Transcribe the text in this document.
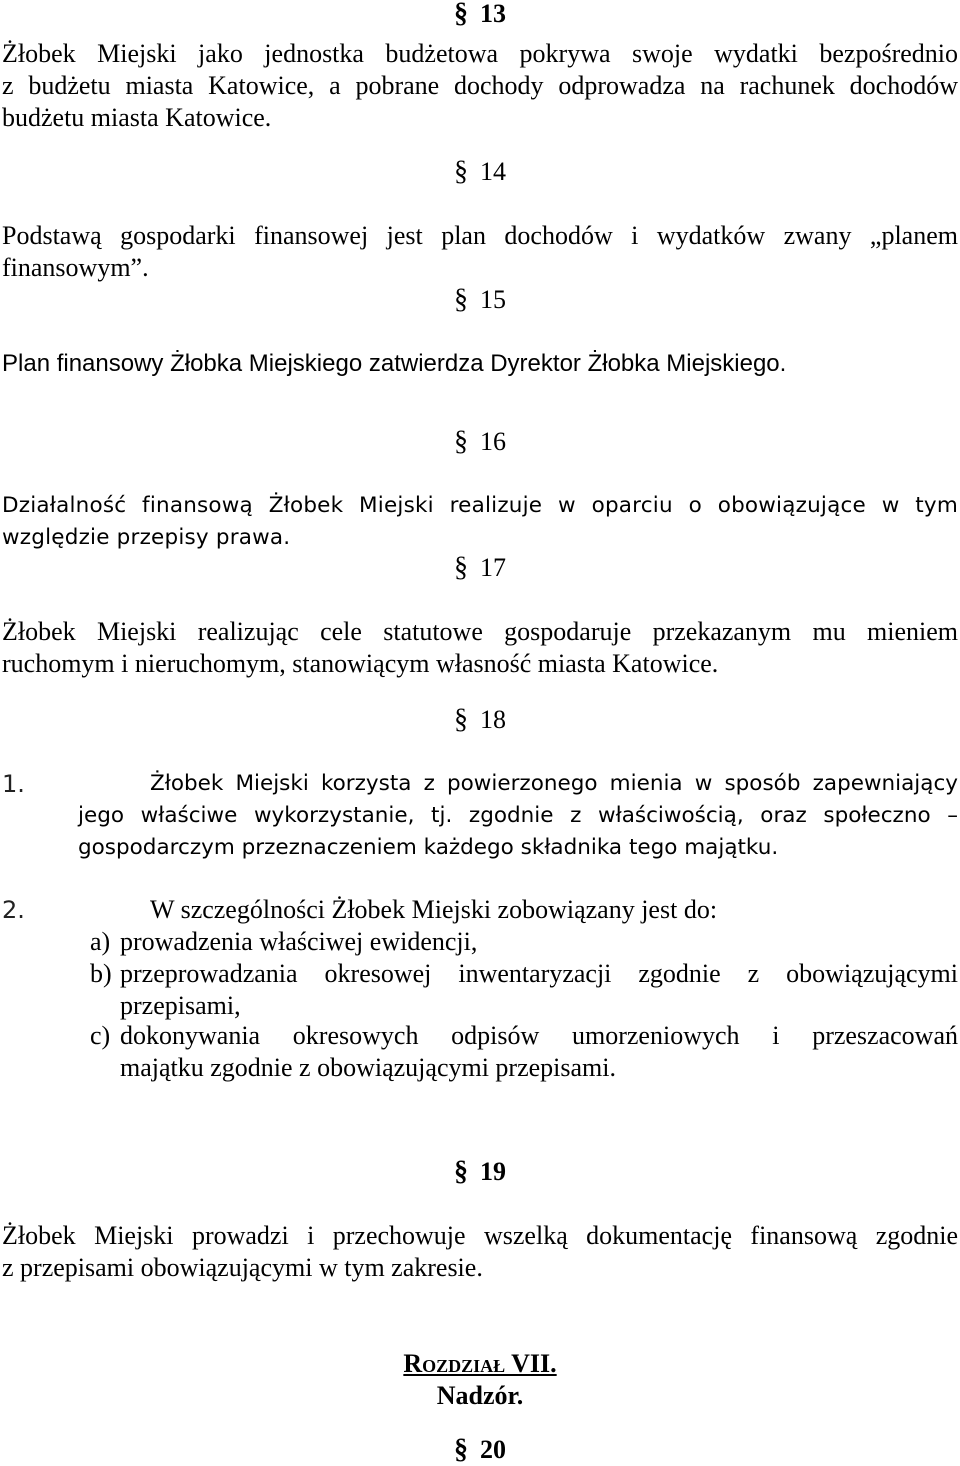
§ 13
Żłobek Miejski jako jednostka budżetowa pokrywa swoje wydatki bezpośrednio
z budżetu miasta Katowice, a pobrane dochody odprowadza na rachunek dochodów
budżetu miasta Katowice.
§ 14
Podstawą gospodarki finansowej jest plan dochodów i wydatków zwany „planem
finansowym”.
§ 15
Plan finansowy Żłobka Miejskiego zatwierdza Dyrektor Żłobka Miejskiego.
§ 16
Działalność finansową Żłobek Miejski realizuje w oparciu o obowiązujące w tym
względzie przepisy prawa.
§ 17
Żłobek Miejski realizując cele statutowe gospodaruje przekazanym mu mieniem
ruchomym i nieruchomym, stanowiącym własność miasta Katowice.
§ 18
1.	Żłobek Miejski korzysta z powierzonego mienia w sposób zapewniający
jego właściwe wykorzystanie, tj. zgodnie z właściwością, oraz społeczno –
gospodarczym przeznaczeniem każdego składnika tego majątku.
2.	W szczególności Żłobek Miejski zobowiązany jest do:
a) prowadzenia właściwej ewidencji,
b) przeprowadzania okresowej inwentaryzacji zgodnie z obowiązującymi
przepisami,
c) dokonywania okresowych odpisów umorzeniowych i przeszacowań
majątku zgodnie z obowiązującymi przepisami.
§ 19
Żłobek Miejski prowadzi i przechowuje wszelką dokumentację finansową zgodnie
z przepisami obowiązującymi w tym zakresie.
Rozdział VII.
Nadzór.
§ 20
